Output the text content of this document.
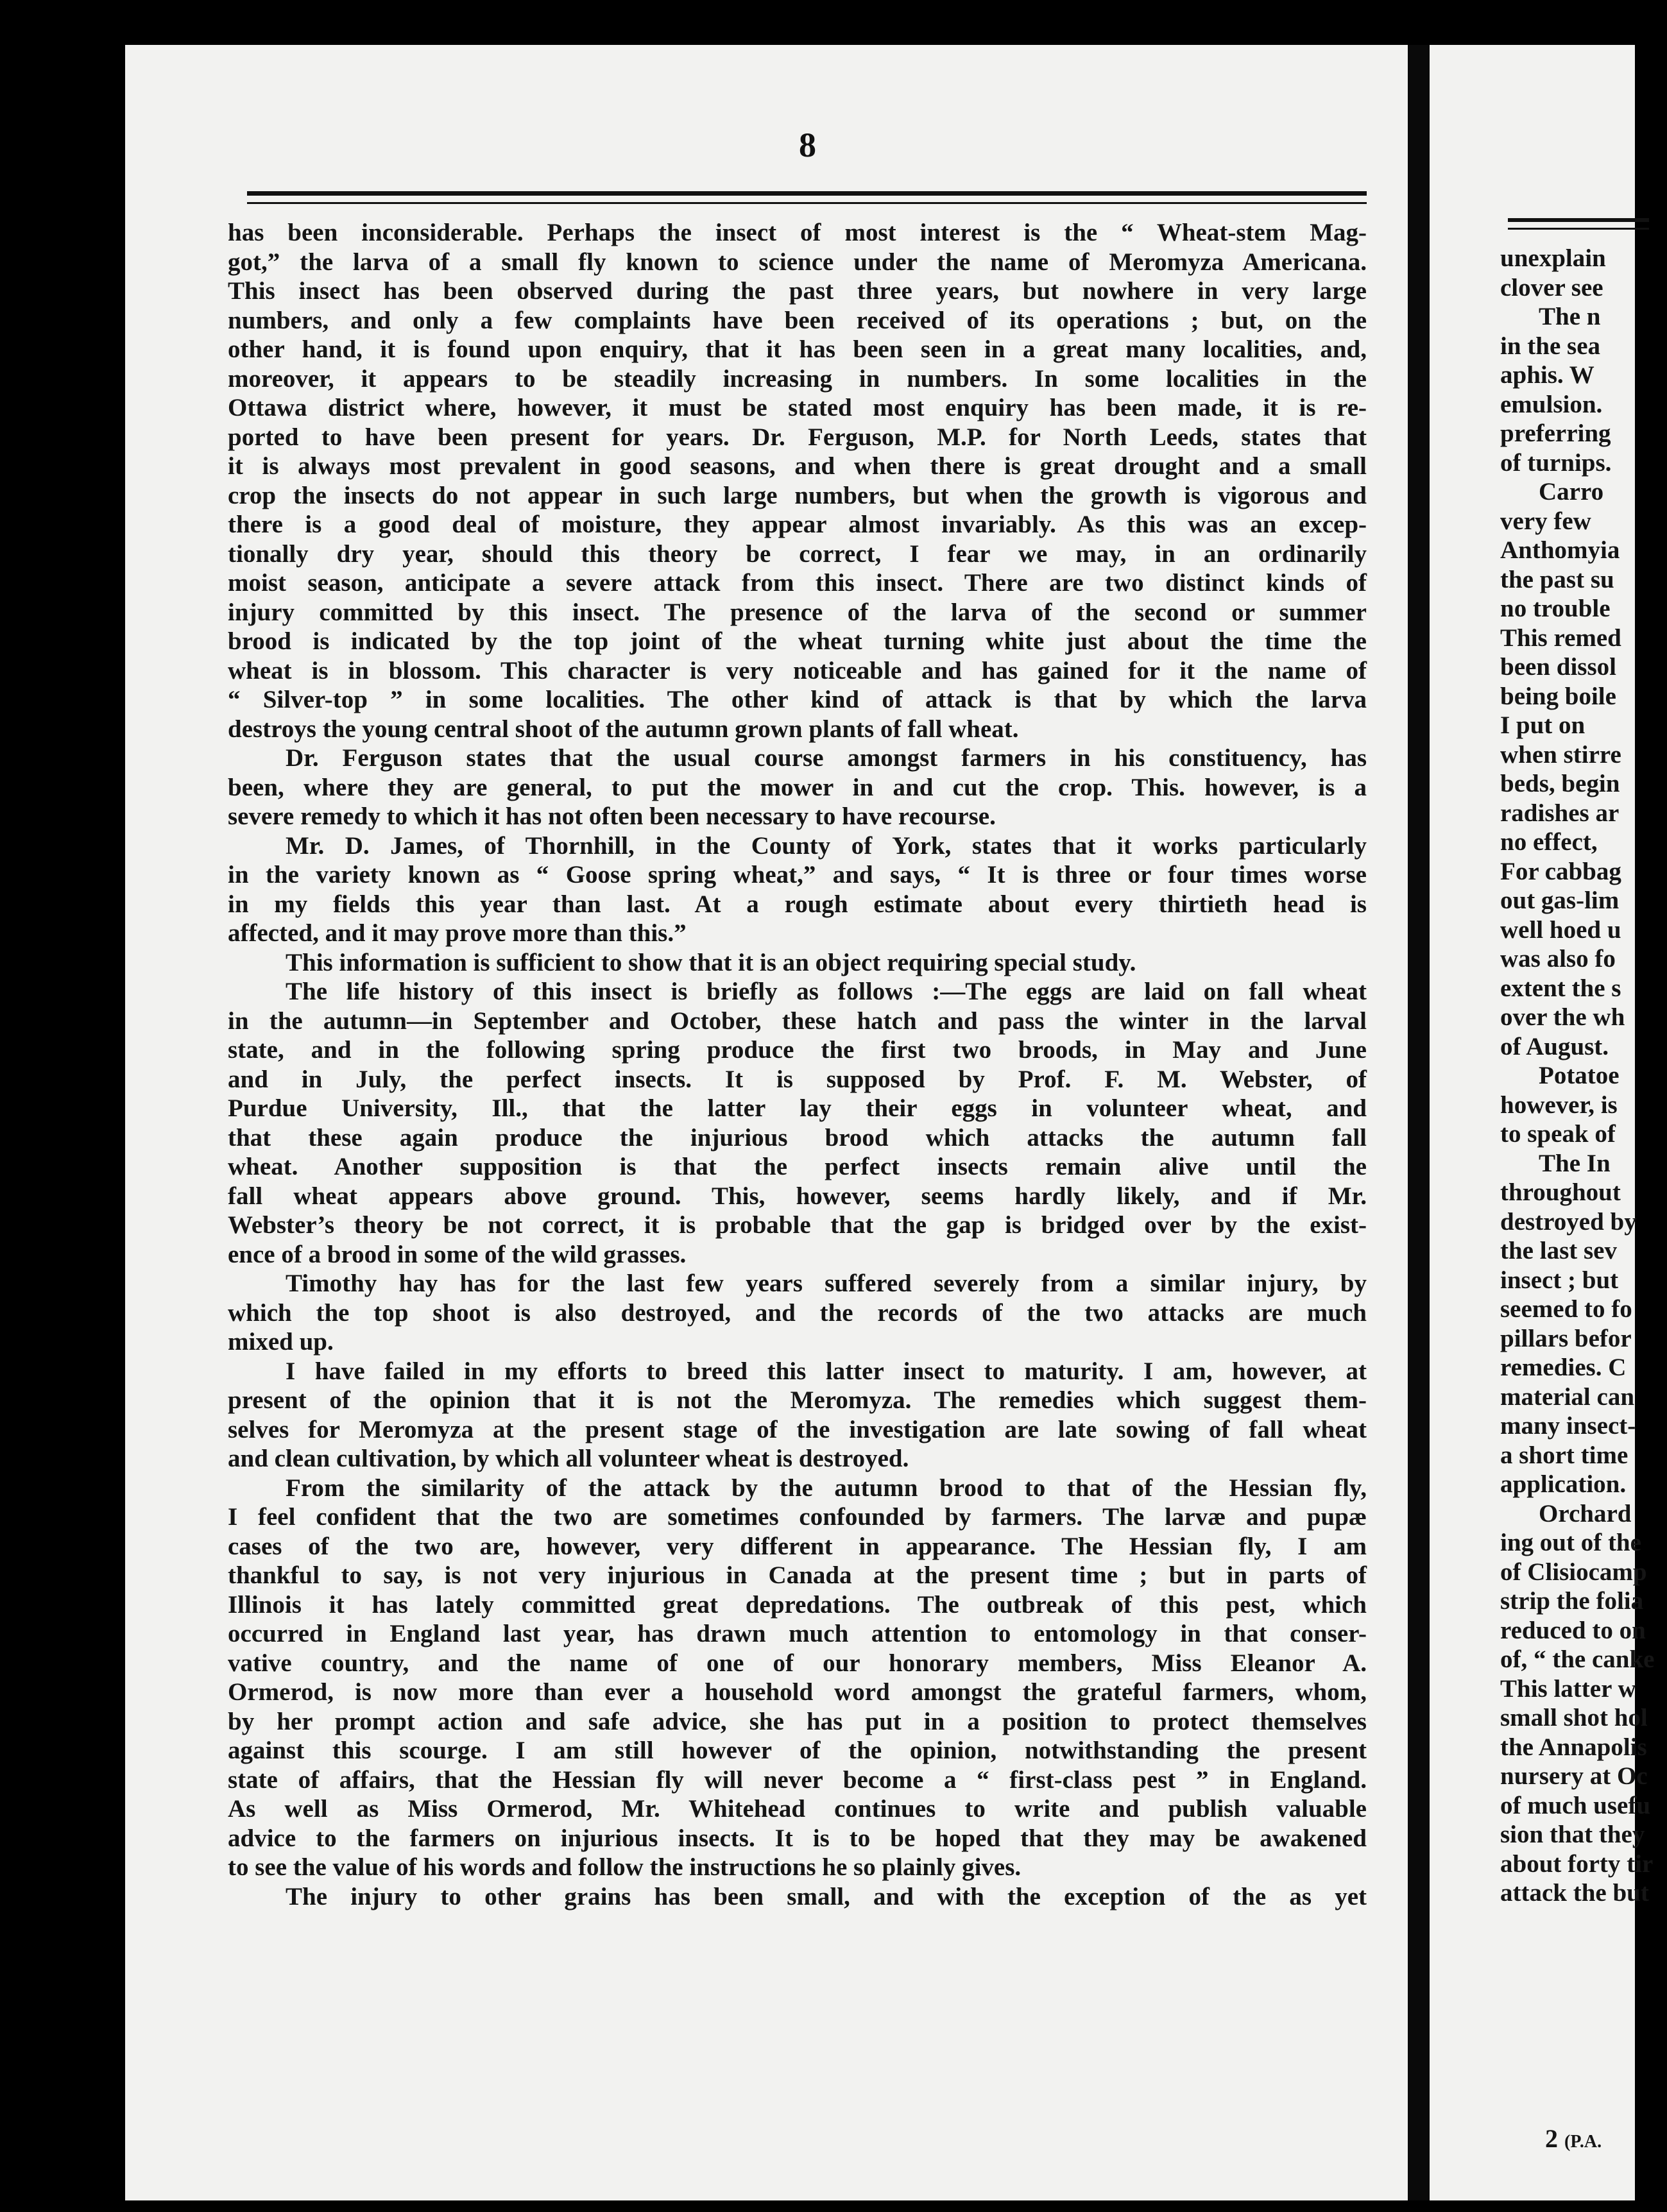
8
has been inconsiderable. Perhaps the insect of most interest is the “ Wheat-stem Mag-
got,” the larva of a small fly known to science under the name of Meromyza Americana.
This insect has been observed during the past three years, but nowhere in very large
numbers, and only a few complaints have been received of its operations ; but, on the
other hand, it is found upon enquiry, that it has been seen in a great many localities, and,
moreover, it appears to be steadily increasing in numbers. In some localities in the
Ottawa district where, however, it must be stated most enquiry has been made, it is re-
ported to have been present for years. Dr. Ferguson, M.P. for North Leeds, states that
it is always most prevalent in good seasons, and when there is great drought and a small
crop the insects do not appear in such large numbers, but when the growth is vigorous and
there is a good deal of moisture, they appear almost invariably. As this was an excep-
tionally dry year, should this theory be correct, I fear we may, in an ordinarily
moist season, anticipate a severe attack from this insect. There are two distinct kinds of
injury committed by this insect. The presence of the larva of the second or summer
brood is indicated by the top joint of the wheat turning white just about the time the
wheat is in blossom. This character is very noticeable and has gained for it the name of
“ Silver-top ” in some localities. The other kind of attack is that by which the larva
destroys the young central shoot of the autumn grown plants of fall wheat.
Dr. Ferguson states that the usual course amongst farmers in his constituency, has
been, where they are general, to put the mower in and cut the crop. This. however, is a
severe remedy to which it has not often been necessary to have recourse.
Mr. D. James, of Thornhill, in the County of York, states that it works particularly
in the variety known as “ Goose spring wheat,” and says, “ It is three or four times worse
in my fields this year than last. At a rough estimate about every thirtieth head is
affected, and it may prove more than this.”
This information is sufficient to show that it is an object requiring special study.
The life history of this insect is briefly as follows :—The eggs are laid on fall wheat
in the autumn—in September and October, these hatch and pass the winter in the larval
state, and in the following spring produce the first two broods, in May and June
and in July, the perfect insects. It is supposed by Prof. F. M. Webster, of
Purdue University, Ill., that the latter lay their eggs in volunteer wheat, and
that these again produce the injurious brood which attacks the autumn fall
wheat. Another supposition is that the perfect insects remain alive until the
fall wheat appears above ground. This, however, seems hardly likely, and if Mr.
Webster’s theory be not correct, it is probable that the gap is bridged over by the exist-
ence of a brood in some of the wild grasses.
Timothy hay has for the last few years suffered severely from a similar injury, by
which the top shoot is also destroyed, and the records of the two attacks are much
mixed up.
I have failed in my efforts to breed this latter insect to maturity. I am, however, at
present of the opinion that it is not the Meromyza. The remedies which suggest them-
selves for Meromyza at the present stage of the investigation are late sowing of fall wheat
and clean cultivation, by which all volunteer wheat is destroyed.
From the similarity of the attack by the autumn brood to that of the Hessian fly,
I feel confident that the two are sometimes confounded by farmers. The larvæ and pupæ
cases of the two are, however, very different in appearance. The Hessian fly, I am
thankful to say, is not very injurious in Canada at the present time ; but in parts of
Illinois it has lately committed great depredations. The outbreak of this pest, which
occurred in England last year, has drawn much attention to entomology in that conser-
vative country, and the name of one of our honorary members, Miss Eleanor A.
Ormerod, is now more than ever a household word amongst the grateful farmers, whom,
by her prompt action and safe advice, she has put in a position to protect themselves
against this scourge. I am still however of the opinion, notwithstanding the present
state of affairs, that the Hessian fly will never become a “ first-class pest ” in England.
As well as Miss Ormerod, Mr. Whitehead continues to write and publish valuable
advice to the farmers on injurious insects. It is to be hoped that they may be awakened
to see the value of his words and follow the instructions he so plainly gives.
The injury to other grains has been small, and with the exception of the as yet
unexplain
clover see
The n
in the sea
aphis. W
emulsion.
preferring
of turnips.
Carro
very few
Anthomyia
the past su
no trouble
This remed
been dissol
being boile
I put on
when stirre
beds, begin
radishes ar
no effect,
For cabbag
out gas-lim
well hoed u
was also fo
extent the s
over the wh
of August.
Potatoe
however, is
to speak of
The In
throughout
destroyed by
the last sev
insect ; but
seemed to fo
pillars befor
remedies. C
material can
many insect-
a short time
application.
Orchard
ing out of the
of Clisiocamp
strip the folia
reduced to on
of, “ the canke
This latter w
small shot hol
the Annapolis
nursery at Oc
of much usefu
sion that they
about forty tir
attack the but
2 (P.A.
